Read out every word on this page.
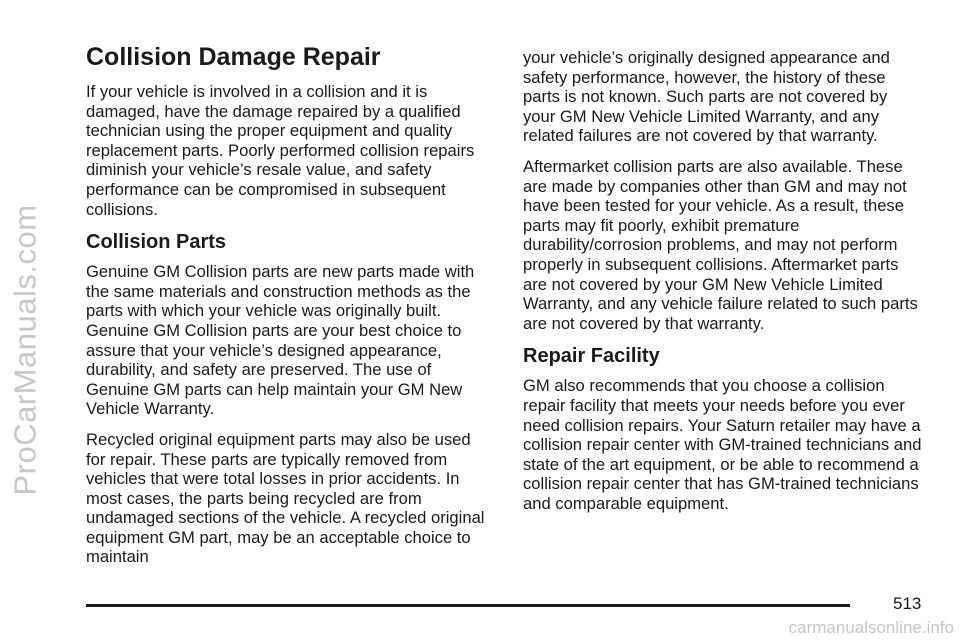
ProCarManuals.com
Collision Damage Repair

If your vehicle is involved in a collision and it is damaged, have the damage repaired by a qualified technician using the proper equipment and quality replacement parts. Poorly performed collision repairs diminish your vehicle’s resale value, and safety performance can be compromised in subsequent collisions.

Collision Parts

Genuine GM Collision parts are new parts made with the same materials and construction methods as the parts with which your vehicle was originally built. Genuine GM Collision parts are your best choice to assure that your vehicle’s designed appearance, durability, and safety are preserved. The use of Genuine GM parts can help maintain your GM New Vehicle Warranty.

Recycled original equipment parts may also be used for repair. These parts are typically removed from vehicles that were total losses in prior accidents. In most cases, the parts being recycled are from undamaged sections of the vehicle. A recycled original equipment GM part, may be an acceptable choice to maintain

your vehicle’s originally designed appearance and safety performance, however, the history of these parts is not known. Such parts are not covered by your GM New Vehicle Limited Warranty, and any related failures are not covered by that warranty.

Aftermarket collision parts are also available. These are made by companies other than GM and may not have been tested for your vehicle. As a result, these parts may fit poorly, exhibit premature durability/corrosion problems, and may not perform properly in subsequent collisions. Aftermarket parts are not covered by your GM New Vehicle Limited Warranty, and any vehicle failure related to such parts are not covered by that warranty.

Repair Facility

GM also recommends that you choose a collision repair facility that meets your needs before you ever need collision repairs. Your Saturn retailer may have a collision repair center with GM-trained technicians and state of the art equipment, or be able to recommend a collision repair center that has GM-trained technicians and comparable equipment.

513
carmanualsonline.info
